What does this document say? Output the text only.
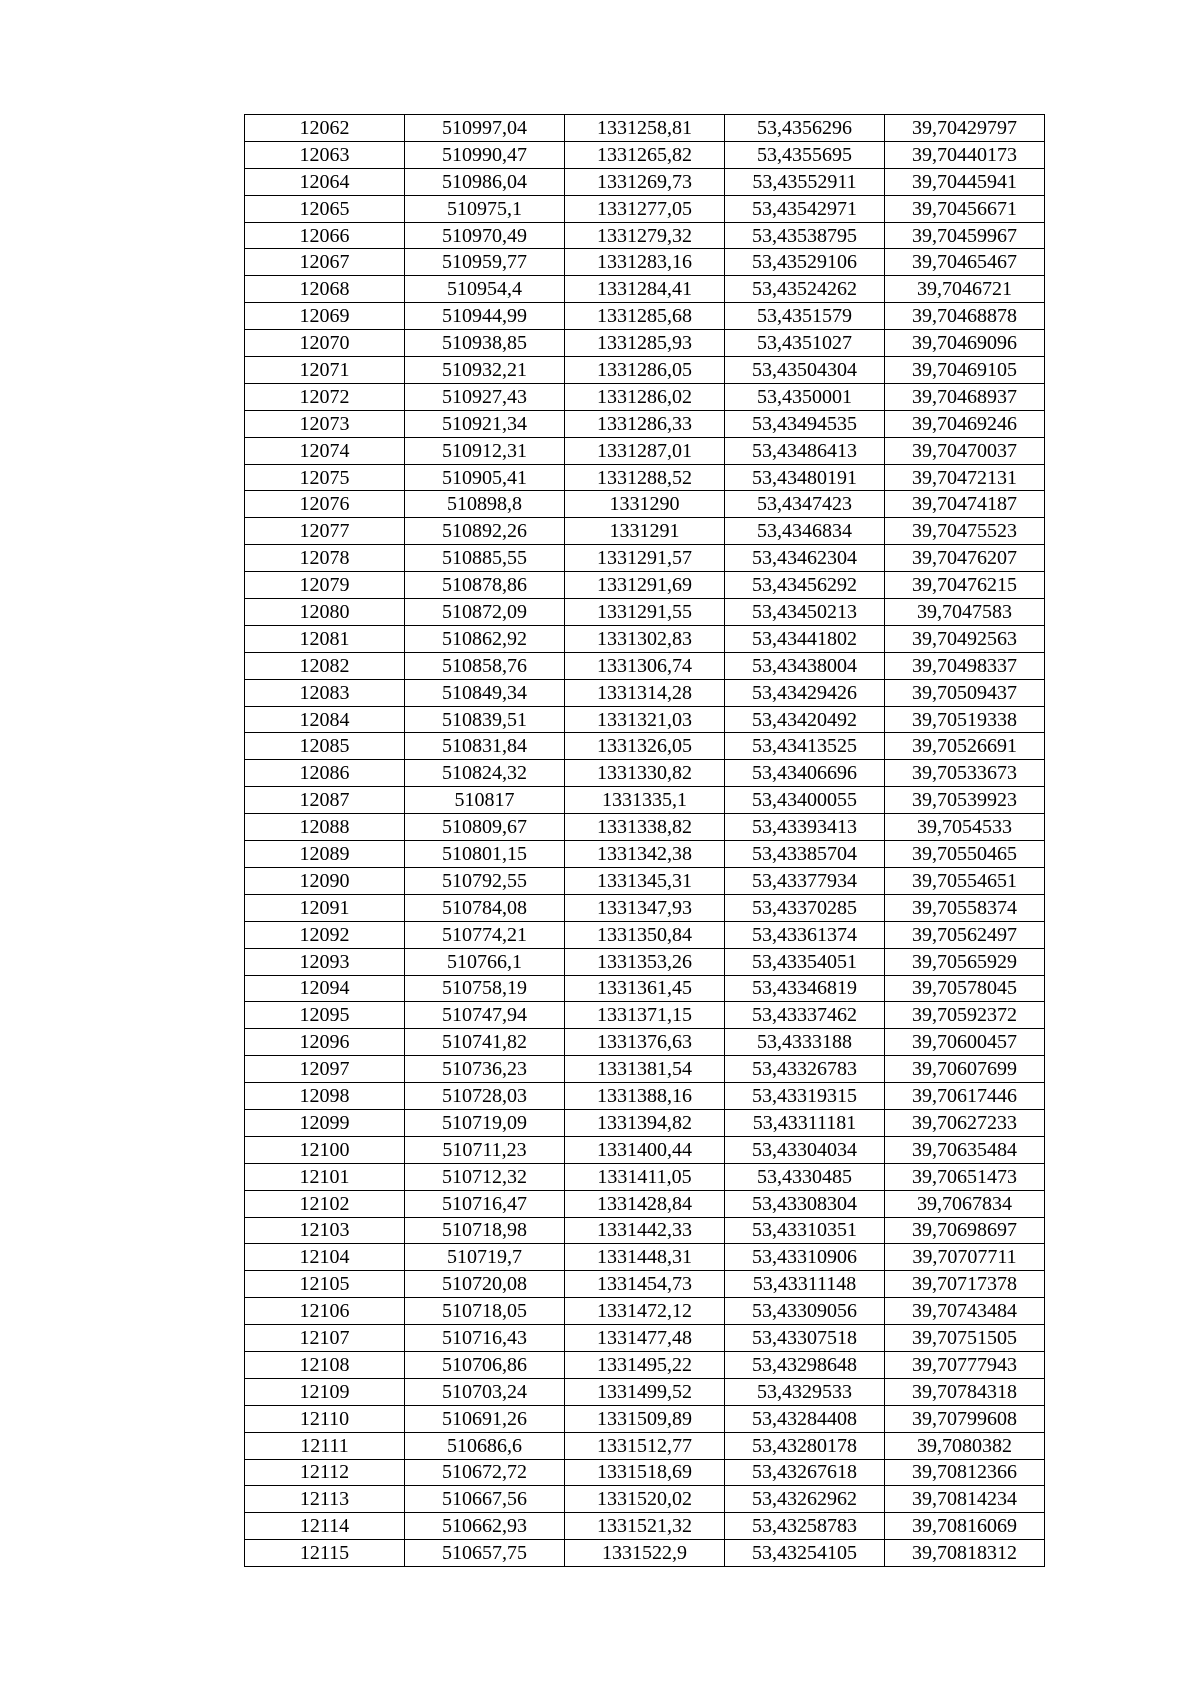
12062	510997,04	1331258,81	53,4356296	39,70429797
12063	510990,47	1331265,82	53,4355695	39,70440173
12064	510986,04	1331269,73	53,43552911	39,70445941
12065	510975,1	1331277,05	53,43542971	39,70456671
12066	510970,49	1331279,32	53,43538795	39,70459967
12067	510959,77	1331283,16	53,43529106	39,70465467
12068	510954,4	1331284,41	53,43524262	39,7046721
12069	510944,99	1331285,68	53,4351579	39,70468878
12070	510938,85	1331285,93	53,4351027	39,70469096
12071	510932,21	1331286,05	53,43504304	39,70469105
12072	510927,43	1331286,02	53,4350001	39,70468937
12073	510921,34	1331286,33	53,43494535	39,70469246
12074	510912,31	1331287,01	53,43486413	39,70470037
12075	510905,41	1331288,52	53,43480191	39,70472131
12076	510898,8	1331290	53,4347423	39,70474187
12077	510892,26	1331291	53,4346834	39,70475523
12078	510885,55	1331291,57	53,43462304	39,70476207
12079	510878,86	1331291,69	53,43456292	39,70476215
12080	510872,09	1331291,55	53,43450213	39,7047583
12081	510862,92	1331302,83	53,43441802	39,70492563
12082	510858,76	1331306,74	53,43438004	39,70498337
12083	510849,34	1331314,28	53,43429426	39,70509437
12084	510839,51	1331321,03	53,43420492	39,70519338
12085	510831,84	1331326,05	53,43413525	39,70526691
12086	510824,32	1331330,82	53,43406696	39,70533673
12087	510817	1331335,1	53,43400055	39,70539923
12088	510809,67	1331338,82	53,43393413	39,7054533
12089	510801,15	1331342,38	53,43385704	39,70550465
12090	510792,55	1331345,31	53,43377934	39,70554651
12091	510784,08	1331347,93	53,43370285	39,70558374
12092	510774,21	1331350,84	53,43361374	39,70562497
12093	510766,1	1331353,26	53,43354051	39,70565929
12094	510758,19	1331361,45	53,43346819	39,70578045
12095	510747,94	1331371,15	53,43337462	39,70592372
12096	510741,82	1331376,63	53,4333188	39,70600457
12097	510736,23	1331381,54	53,43326783	39,70607699
12098	510728,03	1331388,16	53,43319315	39,70617446
12099	510719,09	1331394,82	53,43311181	39,70627233
12100	510711,23	1331400,44	53,43304034	39,70635484
12101	510712,32	1331411,05	53,4330485	39,70651473
12102	510716,47	1331428,84	53,43308304	39,7067834
12103	510718,98	1331442,33	53,43310351	39,70698697
12104	510719,7	1331448,31	53,43310906	39,70707711
12105	510720,08	1331454,73	53,43311148	39,70717378
12106	510718,05	1331472,12	53,43309056	39,70743484
12107	510716,43	1331477,48	53,43307518	39,70751505
12108	510706,86	1331495,22	53,43298648	39,70777943
12109	510703,24	1331499,52	53,4329533	39,70784318
12110	510691,26	1331509,89	53,43284408	39,70799608
12111	510686,6	1331512,77	53,43280178	39,7080382
12112	510672,72	1331518,69	53,43267618	39,70812366
12113	510667,56	1331520,02	53,43262962	39,70814234
12114	510662,93	1331521,32	53,43258783	39,70816069
12115	510657,75	1331522,9	53,43254105	39,70818312
